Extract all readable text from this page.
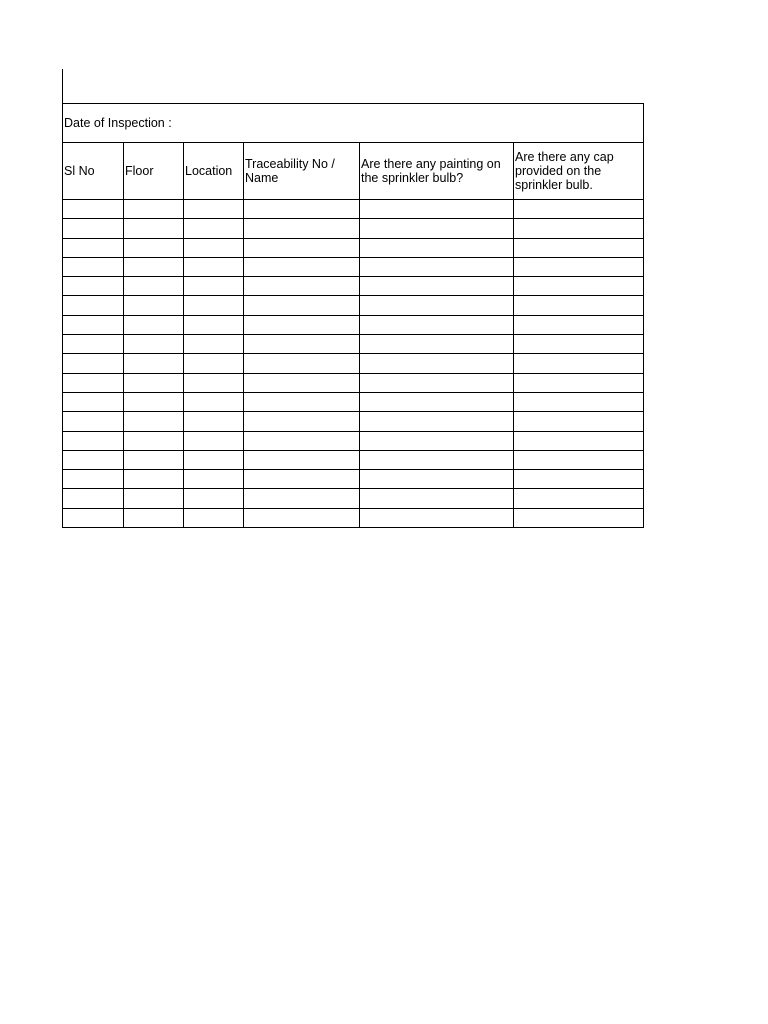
Date of Inspection :					
Sl No	Floor	Location	Traceability No / Name	Are there any painting on the sprinkler bulb?	Are there any cap provided on the sprinkler bulb.
